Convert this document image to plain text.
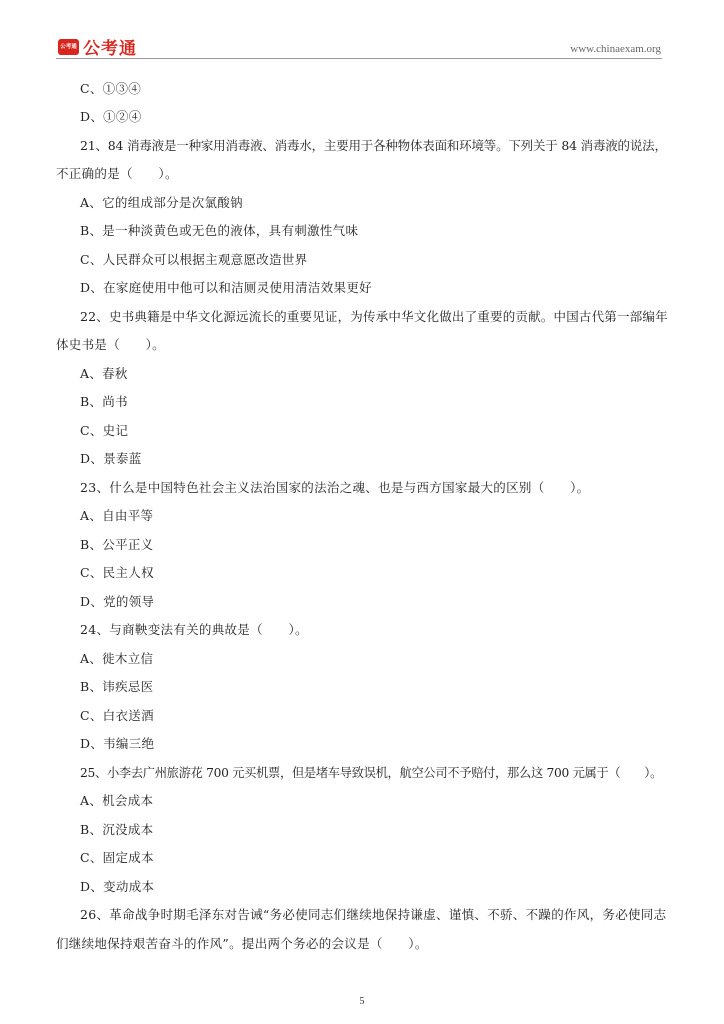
公考通 公考通	www.chinaexam.org
C、①③④
D、①②④
21、84 消毒液是一种家用消毒液、消毒水，主要用于各种物体表面和环境等。下列关于 84 消毒液的说法，
不正确的是（　　）。
A、它的组成部分是次氯酸钠
B、是一种淡黄色或无色的液体，具有刺激性气味
C、人民群众可以根据主观意愿改造世界
D、在家庭使用中他可以和洁厕灵使用清洁效果更好
22、史书典籍是中华文化源远流长的重要见证，为传承中华文化做出了重要的贡献。中国古代第一部编年
体史书是（　　）。
A、春秋
B、尚书
C、史记
D、景泰蓝
23、什么是中国特色社会主义法治国家的法治之魂、也是与西方国家最大的区别（　　）。
A、自由平等
B、公平正义
C、民主人权
D、党的领导
24、与商鞅变法有关的典故是（　　）。
A、徙木立信
B、讳疾忌医
C、白衣送酒
D、韦编三绝
25、小李去广州旅游花 700 元买机票，但是堵车导致误机，航空公司不予赔付，那么这 700 元属于（　　）。
A、机会成本
B、沉没成本
C、固定成本
D、变动成本
26、革命战争时期毛泽东对告诫“务必使同志们继续地保持谦虚、谨慎、不骄、不躁的作风，务必使同志
们继续地保持艰苦奋斗的作风”。提出两个务必的会议是（　　）。
5
